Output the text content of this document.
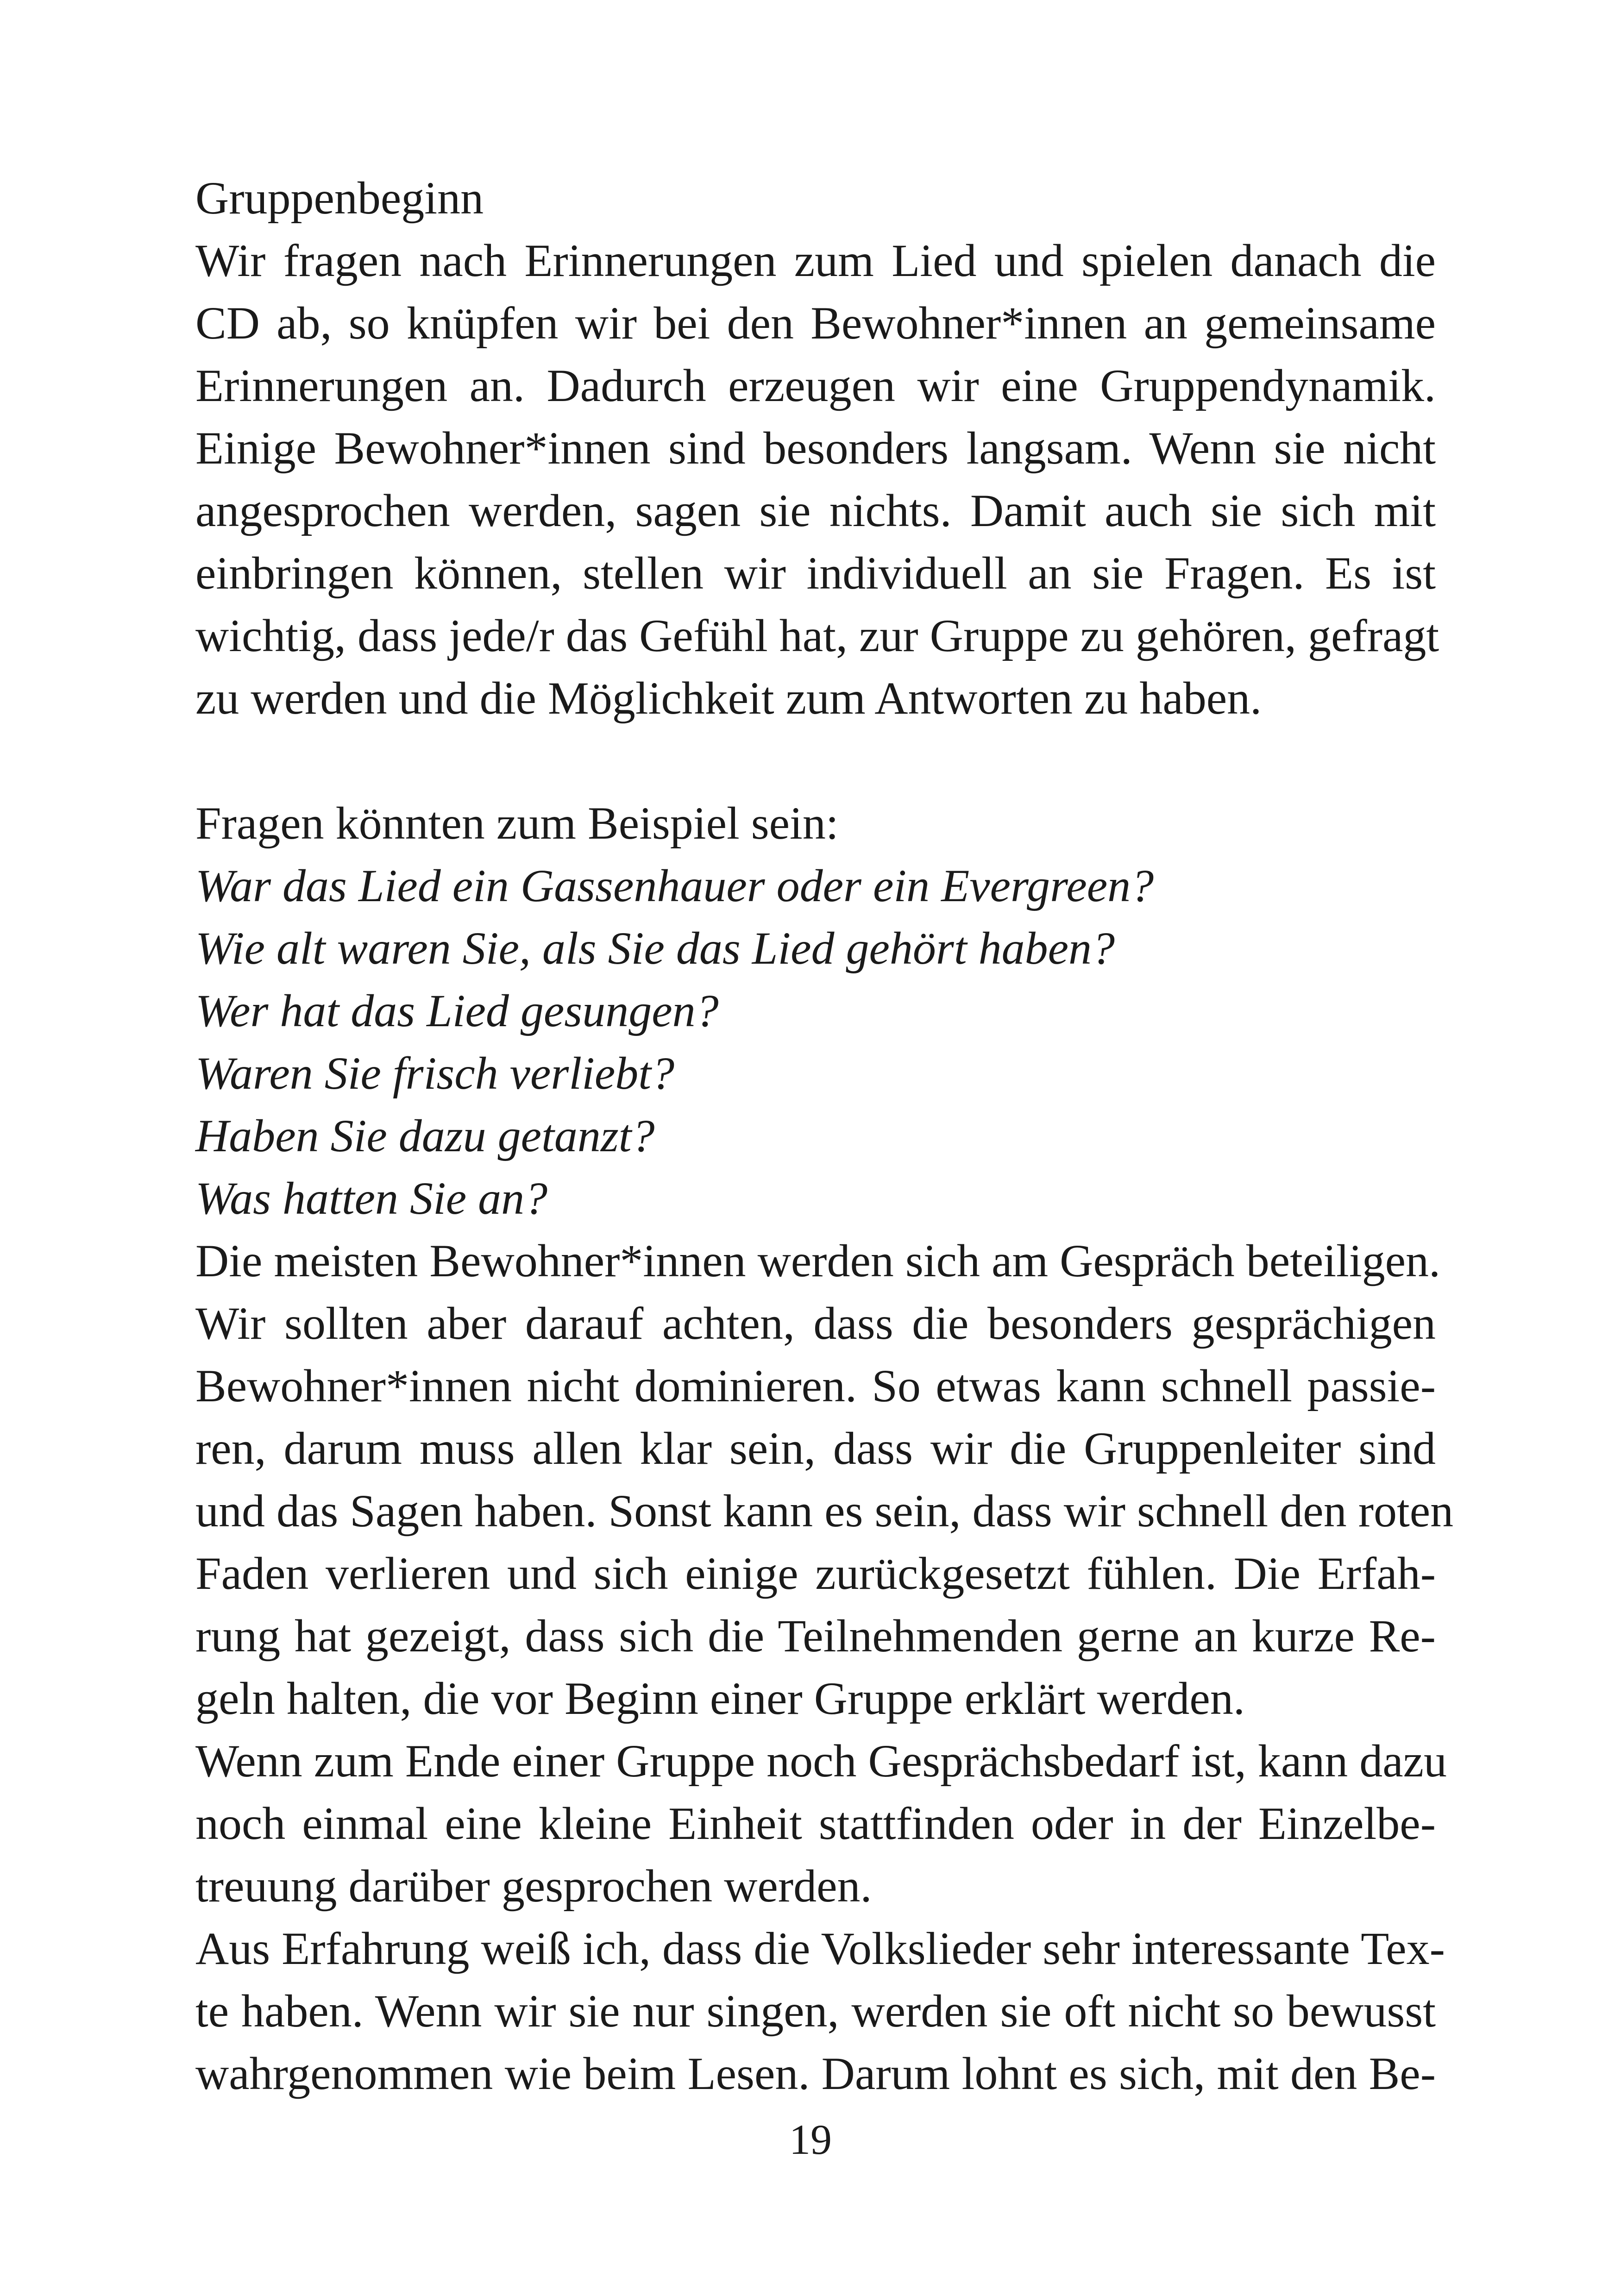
Gruppenbeginn

Wir fragen nach Erinnerungen zum Lied und spielen danach die

CD ab, so knüpfen wir bei den Bewohner*innen an gemeinsame

Erinnerungen an. Dadurch erzeugen wir eine Gruppendynamik.

Einige Bewohner*innen sind besonders langsam. Wenn sie nicht

angesprochen werden, sagen sie nichts. Damit auch sie sich mit

einbringen können, stellen wir individuell an sie Fragen. Es ist

wichtig, dass jede/r das Gefühl hat, zur Gruppe zu gehören, gefragt

zu werden und die Möglichkeit zum Antworten zu haben.

Fragen könnten zum Beispiel sein:

War das Lied ein Gassenhauer oder ein Evergreen?

Wie alt waren Sie, als Sie das Lied gehört haben?

Wer hat das Lied gesungen?

Waren Sie frisch verliebt?

Haben Sie dazu getanzt?

Was hatten Sie an?

Die meisten Bewohner*innen werden sich am Gespräch beteiligen.

Wir sollten aber darauf achten, dass die besonders gesprächigen

Bewohner*innen nicht dominieren. So etwas kann schnell passie-

ren, darum muss allen klar sein, dass wir die Gruppenleiter sind

und das Sagen haben. Sonst kann es sein, dass wir schnell den roten

Faden verlieren und sich einige zurückgesetzt fühlen. Die Erfah-

rung hat gezeigt, dass sich die Teilnehmenden gerne an kurze Re-

geln halten, die vor Beginn einer Gruppe erklärt werden.

Wenn zum Ende einer Gruppe noch Gesprächsbedarf ist, kann dazu

noch einmal eine kleine Einheit stattfinden oder in der Einzelbe-

treuung darüber gesprochen werden.

Aus Erfahrung weiß ich, dass die Volkslieder sehr interessante Tex-

te haben. Wenn wir sie nur singen, werden sie oft nicht so bewusst

wahrgenommen wie beim Lesen. Darum lohnt es sich, mit den Be-

19
